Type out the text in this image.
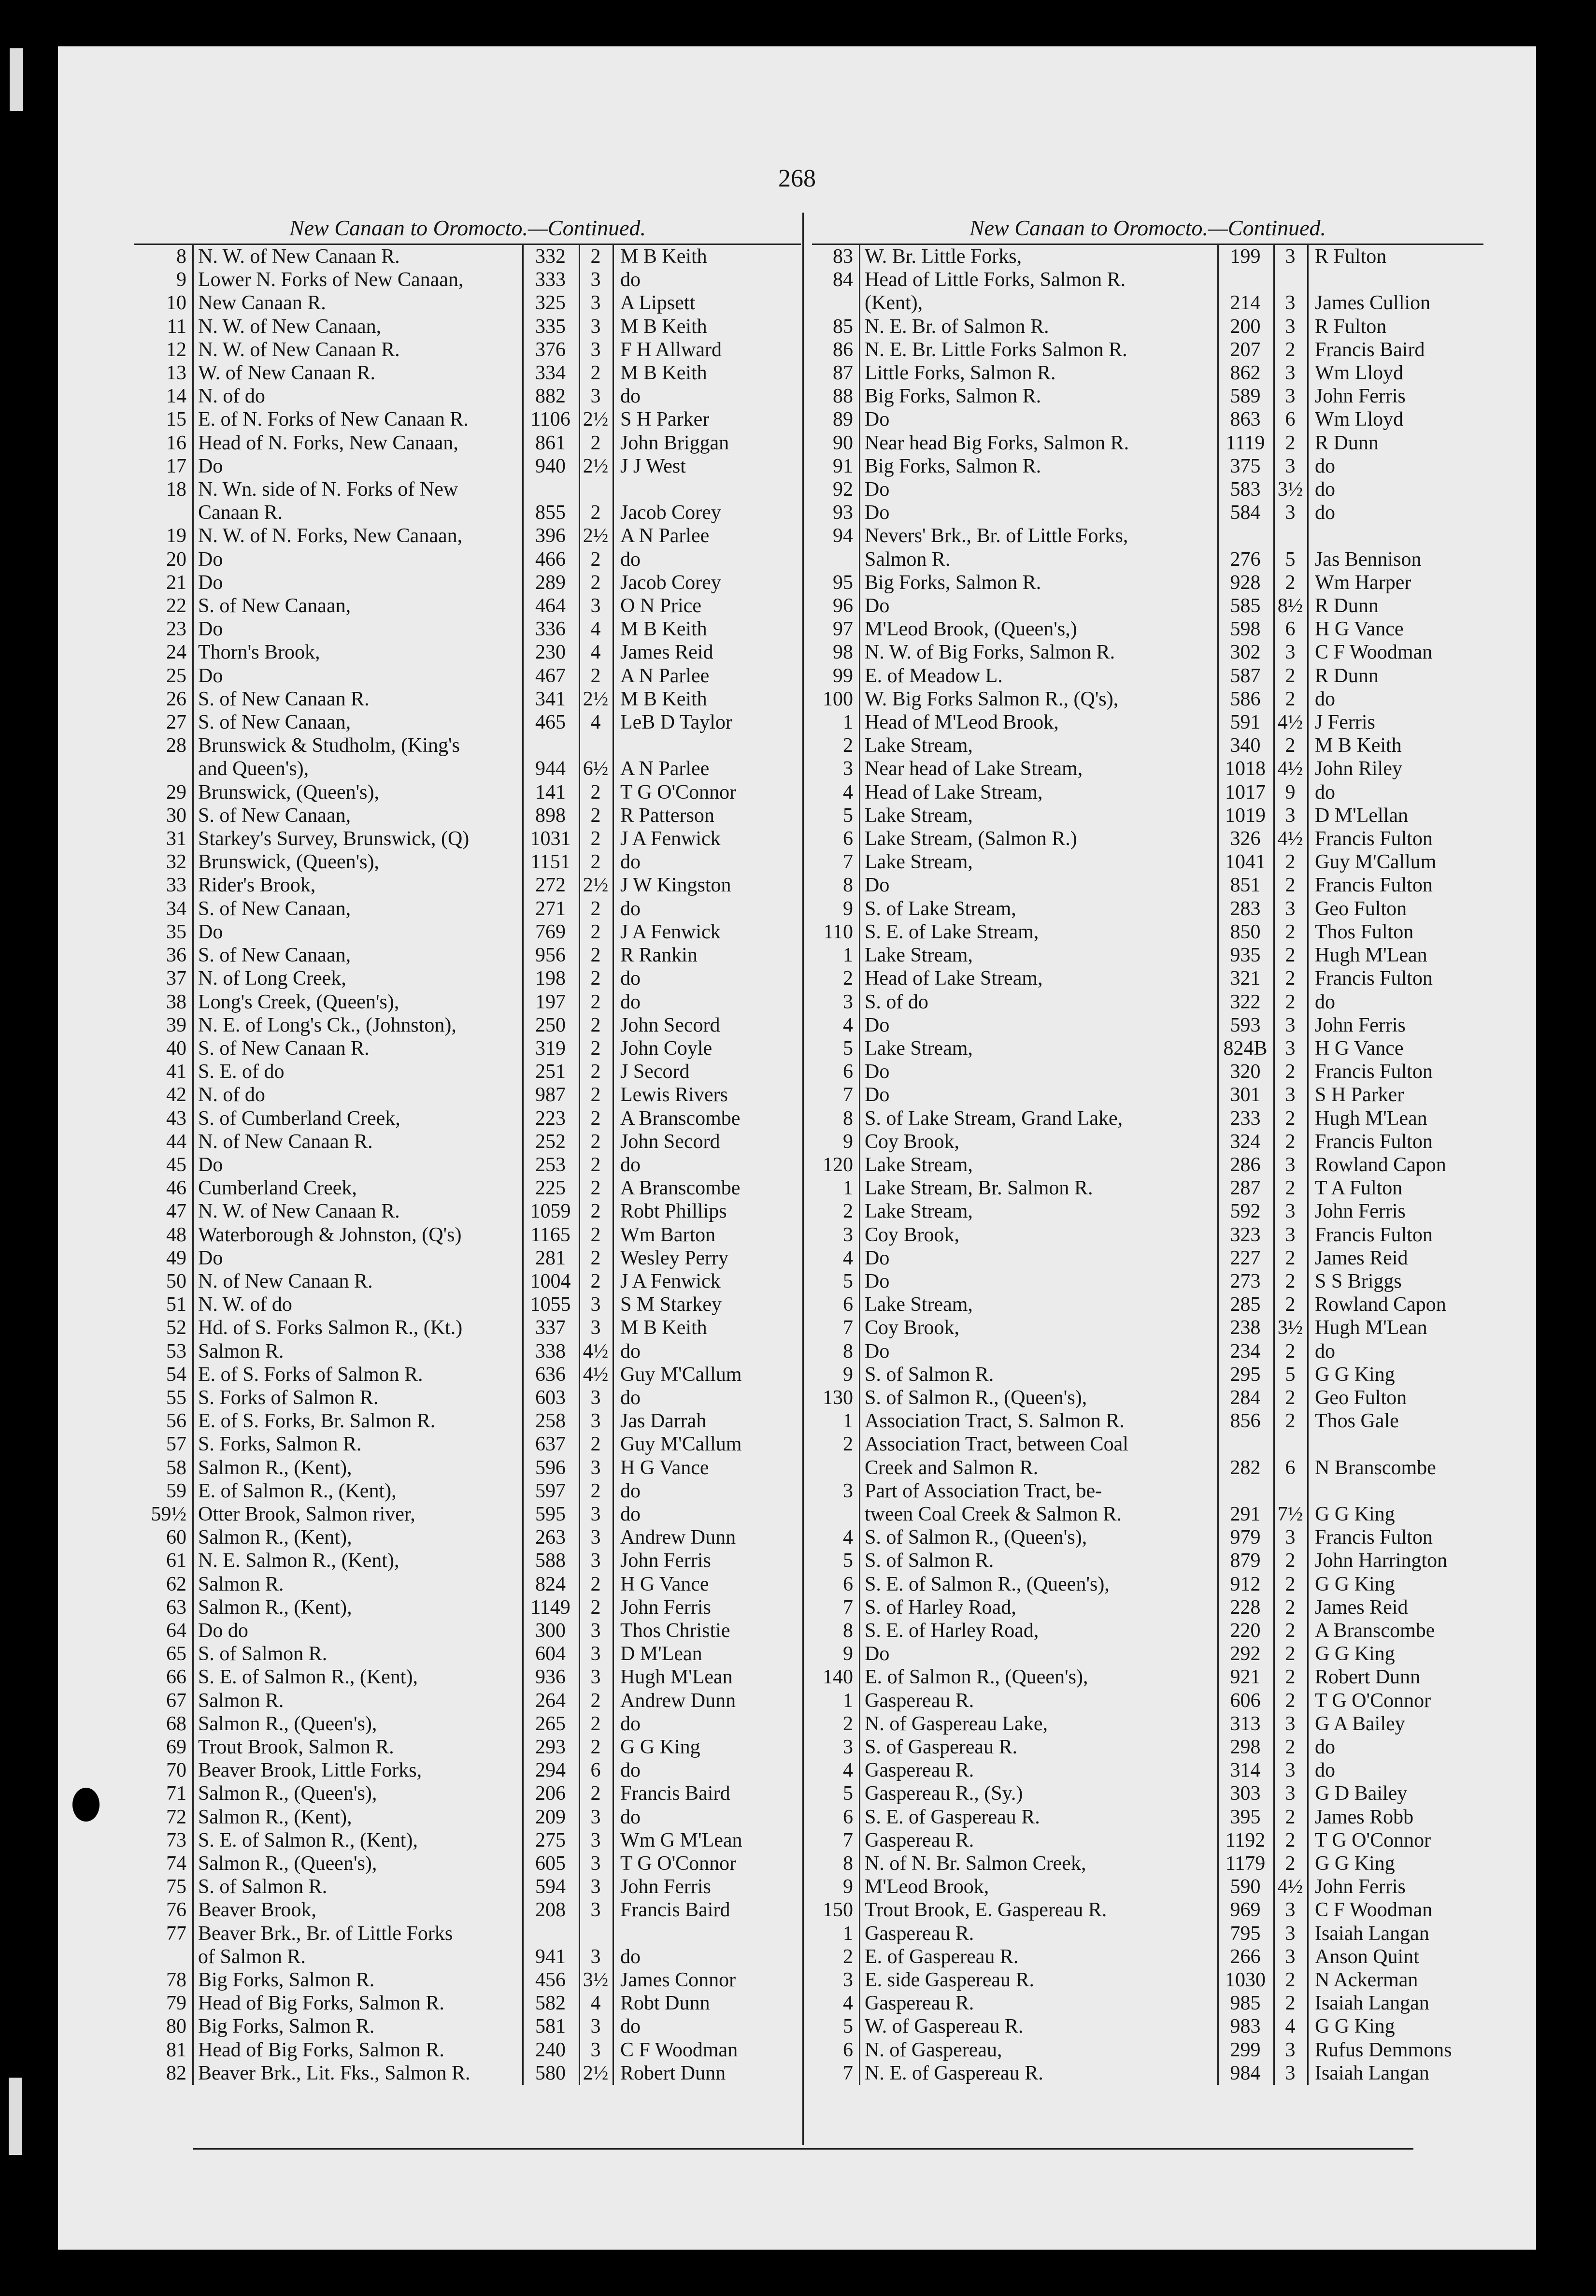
268
New Canaan to Oromocto.—Continued.
8 N. W. of New Canaan R.	332	2 M B Keith
9 Lower N. Forks of New Canaan,	333	3 do
10 New Canaan R.	325	3 A Lipsett
11 N. W. of New Canaan,	335	3 M B Keith
12 N. W. of New Canaan R.	376	3 F H Allward
13 W. of New Canaan R.	334	2 M B Keith
14 N. of do	882	3 do
15 E. of N. Forks of New Canaan R.	1106 2½ S H Parker
16 Head of N. Forks, New Canaan,	861	2 John Briggan
17 Do	940 2½ J J West
18 N. Wn. side of N. Forks of New
Canaan R.	855	2 Jacob Corey
19 N. W. of N. Forks, New Canaan,	396 2½ A N Parlee
20 Do	466	2 do
21 Do	289	2 Jacob Corey
22 S. of New Canaan,	464	3 O N Price
23 Do	336	4 M B Keith
24 Thorn's Brook,	230	4 James Reid
25 Do	467	2 A N Parlee
26 S. of New Canaan R.	341 2½ M B Keith
27 S. of New Canaan,	465	4 LeB D Taylor
28 Brunswick & Studholm, (King's
and Queen's),	944 6½ A N Parlee
29 Brunswick, (Queen's),	141	2 T G O'Connor
30 S. of New Canaan,	898	2 R Patterson
31 Starkey's Survey, Brunswick, (Q)	1031 2 J A Fenwick
32 Brunswick, (Queen's),	1151 2 do
33 Rider's Brook,	272 2½ J W Kingston
34 S. of New Canaan,	271	2 do
35 Do	769	2 J A Fenwick
36 S. of New Canaan,	956	2 R Rankin
37 N. of Long Creek,	198	2 do
38 Long's Creek, (Queen's),	197	2 do
39 N. E. of Long's Ck., (Johnston),	250	2 John Secord
40 S. of New Canaan R.	319	2 John Coyle
41 S. E. of do	251	2 J Secord
42 N. of do	987	2 Lewis Rivers
43 S. of Cumberland Creek,	223	2 A Branscombe
44 N. of New Canaan R.	252	2 John Secord
45 Do	253	2 do
46 Cumberland Creek,	225	2 A Branscombe
47 N. W. of New Canaan R.	1059 2 Robt Phillips
48 Waterborough & Johnston, (Q's)	1165 2 Wm Barton
49 Do	281	2 Wesley Perry
50 N. of New Canaan R.	1004 2 J A Fenwick
51 N. W. of do	1055 3 S M Starkey
52 Hd. of S. Forks Salmon R., (Kt.)	337	3 M B Keith
53 Salmon R.	338 4½ do
54 E. of S. Forks of Salmon R.	636 4½ Guy M'Callum
55 S. Forks of Salmon R.	603	3 do
56 E. of S. Forks, Br. Salmon R.	258	3 Jas Darrah
57 S. Forks, Salmon R.	637	2 Guy M'Callum
58 Salmon R., (Kent),	596	3 H G Vance
59 E. of Salmon R., (Kent),	597	2 do
59½ Otter Brook, Salmon river,	595	3 do
60 Salmon R., (Kent),	263	3 Andrew Dunn
61 N. E. Salmon R., (Kent),	588	3 John Ferris
62 Salmon R.	824	2 H G Vance
63 Salmon R., (Kent),	1149 2 John Ferris
64 Do do	300	3 Thos Christie
65 S. of Salmon R.	604	3 D M'Lean
66 S. E. of Salmon R., (Kent),	936	3 Hugh M'Lean
67 Salmon R.	264	2 Andrew Dunn
68 Salmon R., (Queen's),	265	2 do
69 Trout Brook, Salmon R.	293	2 G G King
70 Beaver Brook, Little Forks,	294	6 do
71 Salmon R., (Queen's),	206	2 Francis Baird
72 Salmon R., (Kent),	209	3 do
73 S. E. of Salmon R., (Kent),	275	3 Wm G M'Lean
74 Salmon R., (Queen's),	605	3 T G O'Connor
75 S. of Salmon R.	594	3 John Ferris
76 Beaver Brook,	208	3 Francis Baird
77 Beaver Brk., Br. of Little Forks
of Salmon R.	941	3 do
78 Big Forks, Salmon R.	456 3½ James Connor
79 Head of Big Forks, Salmon R.	582	4 Robt Dunn
80 Big Forks, Salmon R.	581	3 do
81 Head of Big Forks, Salmon R.	240	3 C F Woodman
82 Beaver Brk., Lit. Fks., Salmon R.	580 2½ Robert Dunn
New Canaan to Oromocto.—Continued.
83 W. Br. Little Forks,	199	3 R Fulton
84 Head of Little Forks, Salmon R.
(Kent),	214	3 James Cullion
85 N. E. Br. of Salmon R.	200	3 R Fulton
86 N. E. Br. Little Forks Salmon R.	207	2 Francis Baird
87 Little Forks, Salmon R.	862	3 Wm Lloyd
88 Big Forks, Salmon R.	589	3 John Ferris
89 Do	863	6 Wm Lloyd
90 Near head Big Forks, Salmon R.	1119	2 R Dunn
91 Big Forks, Salmon R.	375	3 do
92 Do	583 3½ do
93 Do	584	3 do
94 Nevers' Brk., Br. of Little Forks,
Salmon R.	276	5 Jas Bennison
95 Big Forks, Salmon R.	928	2 Wm Harper
96 Do	585 8½ R Dunn
97 M'Leod Brook, (Queen's,)	598	6 H G Vance
98 N. W. of Big Forks, Salmon R.	302	3 C F Woodman
99 E. of Meadow L.	587	2 R Dunn
100 W. Big Forks Salmon R., (Q's),	586	2 do
1 Head of M'Leod Brook,	591 4½ J Ferris
2 Lake Stream,	340	2 M B Keith
3 Near head of Lake Stream,	1018 4½ John Riley
4 Head of Lake Stream,	1017 9 do
5 Lake Stream,	1019 3 D M'Lellan
6 Lake Stream, (Salmon R.)	326 4½ Francis Fulton
7 Lake Stream,	1041 2 Guy M'Callum
8 Do	851	2 Francis Fulton
9 S. of Lake Stream,	283	3 Geo Fulton
110 S. E. of Lake Stream,	850	2 Thos Fulton
1 Lake Stream,	935	2 Hugh M'Lean
2 Head of Lake Stream,	321	2 Francis Fulton
3 S. of do	322	2 do
4 Do	593	3 John Ferris
5 Lake Stream,	824B 3 H G Vance
6 Do	320	2 Francis Fulton
7 Do	301	3 S H Parker
8 S. of Lake Stream, Grand Lake,	233	2 Hugh M'Lean
9 Coy Brook,	324	2 Francis Fulton
120 Lake Stream,	286	3 Rowland Capon
1 Lake Stream, Br. Salmon R.	287	2 T A Fulton
2 Lake Stream,	592	3 John Ferris
3 Coy Brook,	323	3 Francis Fulton
4 Do	227	2 James Reid
5 Do	273	2 S S Briggs
6 Lake Stream,	285	2 Rowland Capon
7 Coy Brook,	238 3½ Hugh M'Lean
8 Do	234	2 do
9 S. of Salmon R.	295	5 G G King
130 S. of Salmon R., (Queen's),	284	2 Geo Fulton
1 Association Tract, S. Salmon R.	856	2 Thos Gale
2 Association Tract, between Coal
Creek and Salmon R.	282	6 N Branscombe
3 Part of Association Tract, be-
tween Coal Creek & Salmon R.	291 7½ G G King
4 S. of Salmon R., (Queen's),	979	3 Francis Fulton
5 S. of Salmon R.	879	2 John Harrington
6 S. E. of Salmon R., (Queen's),	912	2 G G King
7 S. of Harley Road,	228	2 James Reid
8 S. E. of Harley Road,	220	2 A Branscombe
9 Do	292	2 G G King
140 E. of Salmon R., (Queen's),	921	2 Robert Dunn
1 Gaspereau R.	606	2 T G O'Connor
2 N. of Gaspereau Lake,	313	3 G A Bailey
3 S. of Gaspereau R.	298	2 do
4 Gaspereau R.	314	3 do
5 Gaspereau R., (Sy.)	303	3 G D Bailey
6 S. E. of Gaspereau R.	395	2 James Robb
7 Gaspereau R.	1192 2 T G O'Connor
8 N. of N. Br. Salmon Creek,	1179 2 G G King
9 M'Leod Brook,	590 4½ John Ferris
150 Trout Brook, E. Gaspereau R.	969	3 C F Woodman
1 Gaspereau R.	795	3 Isaiah Langan
2 E. of Gaspereau R.	266	3 Anson Quint
3 E. side Gaspereau R.	1030 2 N Ackerman
4 Gaspereau R.	985	2 Isaiah Langan
5 W. of Gaspereau R.	983	4 G G King
6 N. of Gaspereau,	299	3 Rufus Demmons
7 N. E. of Gaspereau R.	984	3 Isaiah Langan
